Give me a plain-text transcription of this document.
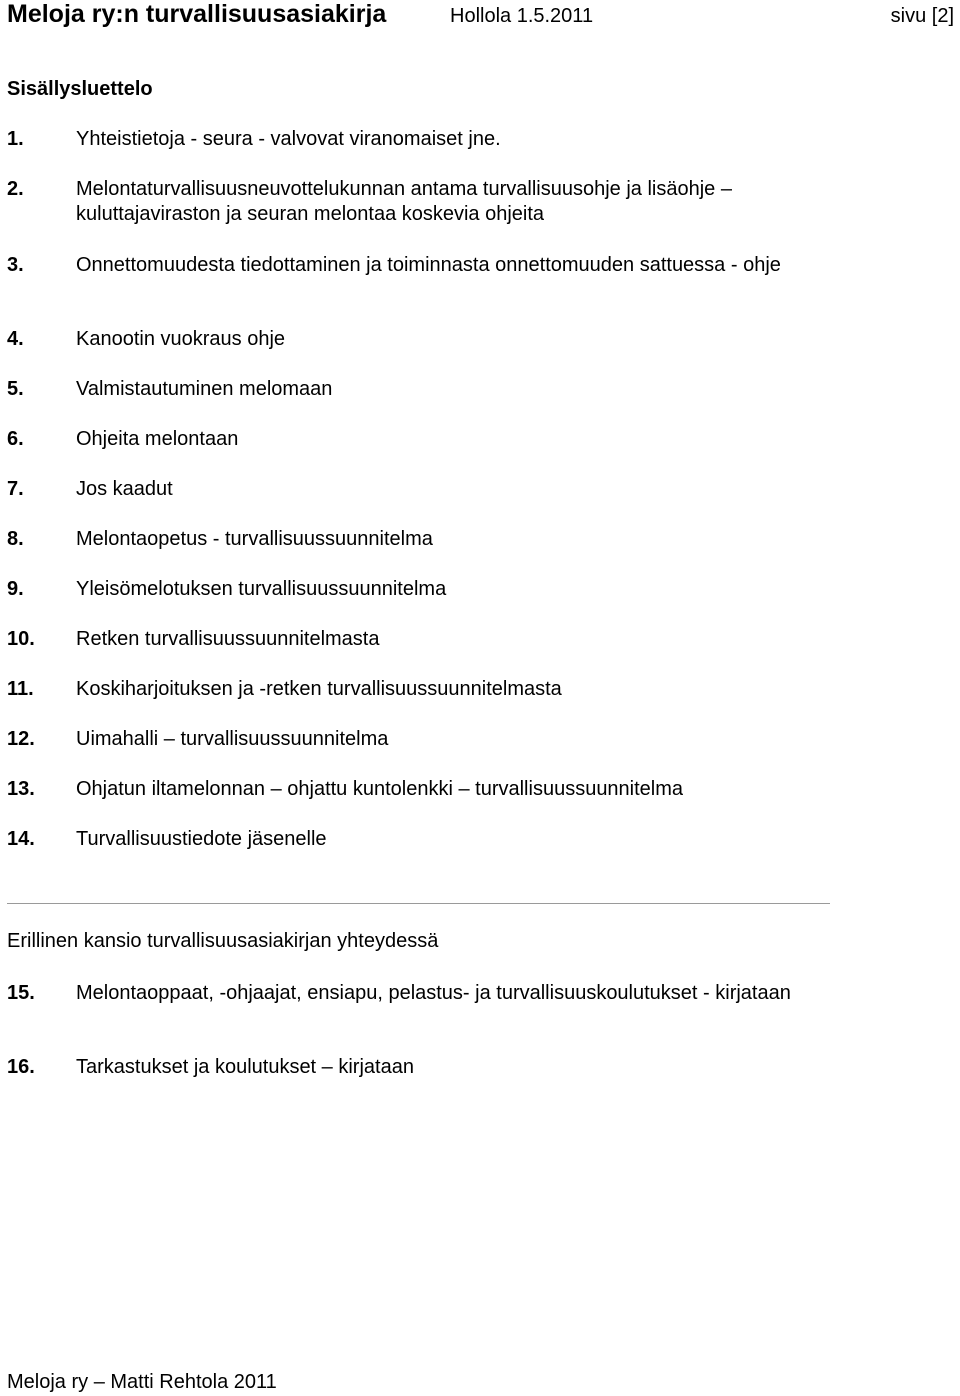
Meloja ry:n turvallisuusasiakirja	Hollola 1.5.2011	sivu [2]
Sisällysluettelo
1.	Yhteistietoja - seura - valvovat viranomaiset jne.
2.	Melontaturvallisuusneuvottelukunnan antama turvallisuusohje ja lisäohje – kuluttajaviraston ja seuran melontaa koskevia ohjeita
3.	Onnettomuudesta tiedottaminen ja toiminnasta onnettomuuden sattuessa - ohje
4.	Kanootin vuokraus ohje
5.	Valmistautuminen melomaan
6.	Ohjeita melontaan
7.	Jos kaadut
8.	Melontaopetus - turvallisuussuunnitelma
9.	Yleisömelotuksen turvallisuussuunnitelma
10. Retken turvallisuussuunnitelmasta
11. Koskiharjoituksen ja -retken turvallisuussuunnitelmasta
12. Uimahalli – turvallisuussuunnitelma
13. Ohjatun iltamelonnan – ohjattu kuntolenkki – turvallisuussuunnitelma
14. Turvallisuustiedote jäsenelle
Erillinen kansio turvallisuusasiakirjan yhteydessä
15. Melontaoppaat, -ohjaajat, ensiapu, pelastus- ja turvallisuuskoulutukset - kirjataan
16. Tarkastukset ja koulutukset – kirjataan
Meloja ry – Matti Rehtola 2011
